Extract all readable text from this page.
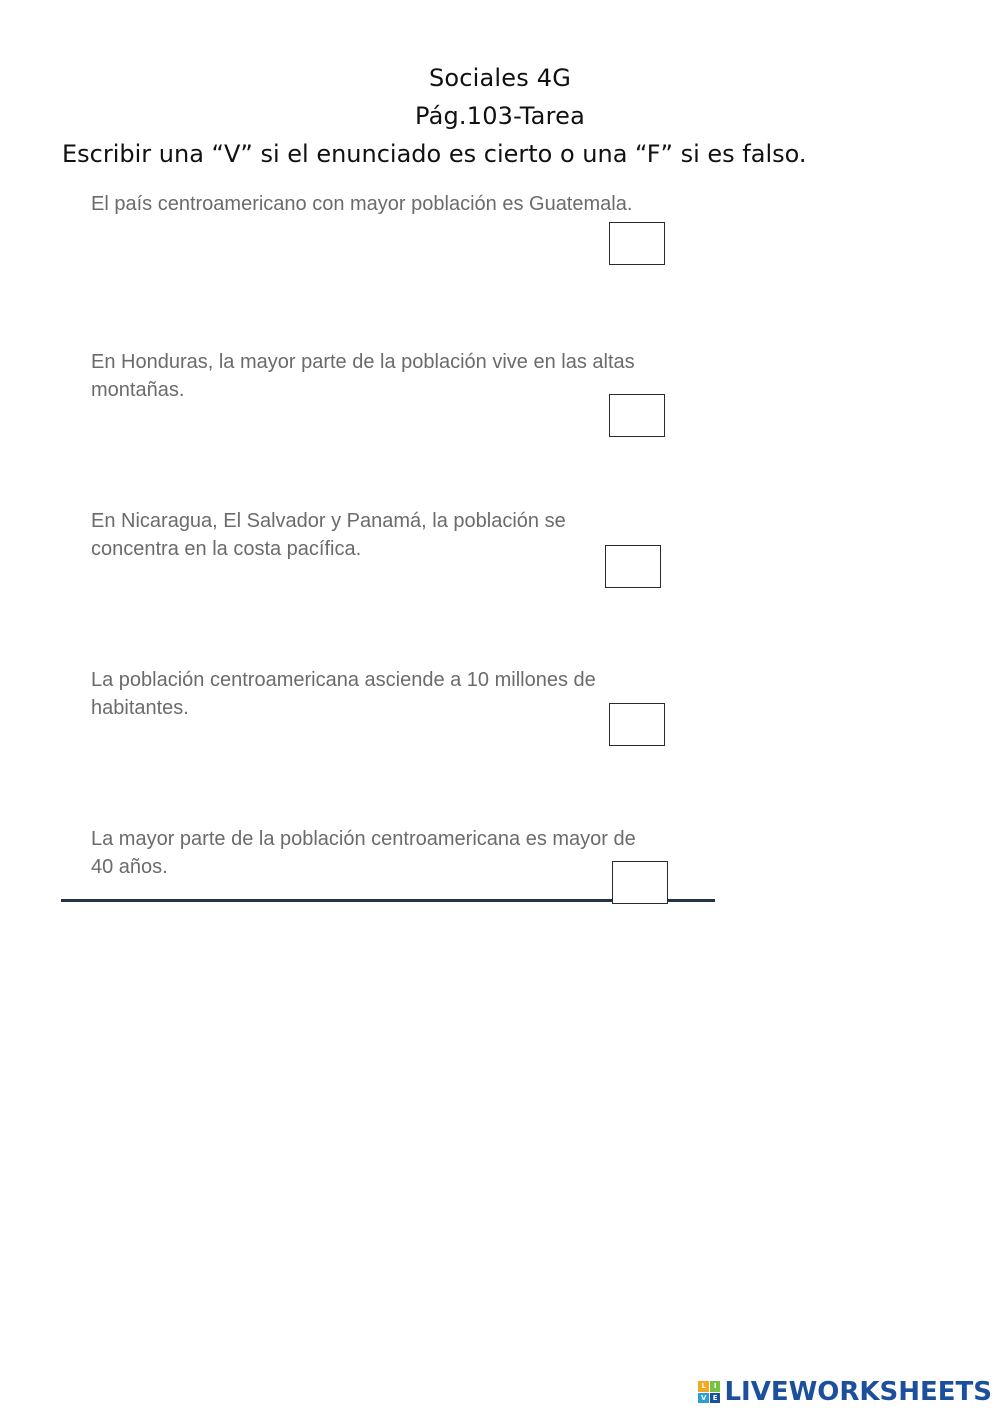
Sociales 4G
Pág.103-Tarea
Escribir una “V” si el enunciado es cierto o una “F” si es falso.
El país centroamericano con mayor población es Guatemala.
En Honduras, la mayor parte de la población vive en las altas montañas.
En Nicaragua, El Salvador y Panamá, la población se concentra en la costa pacífica.
La población centroamericana asciende a 10 millones de habitantes.
La mayor parte de la población centroamericana es mayor de 40 años.
L	I
V E LIVEWORKSHEETS
